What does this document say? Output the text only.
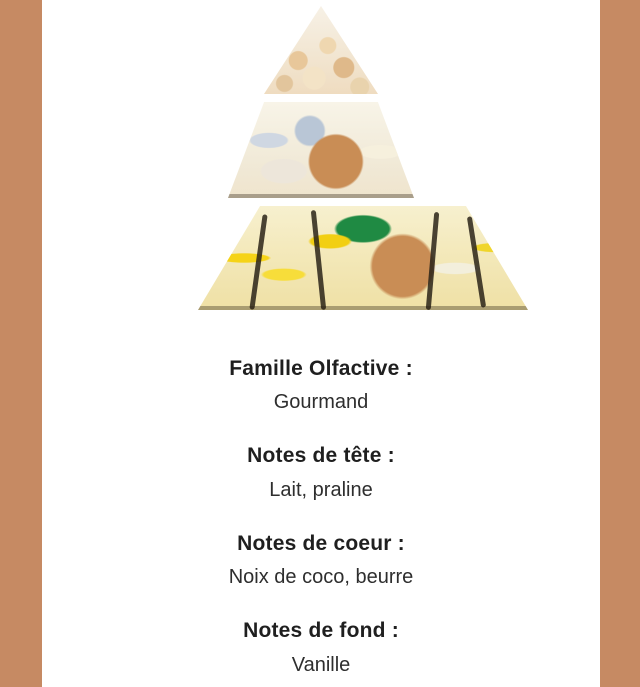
Famille Olfactive :
Gourmand
Notes de tête :
Lait, praline
Notes de coeur :
Noix de coco, beurre
Notes de fond :
Vanille
